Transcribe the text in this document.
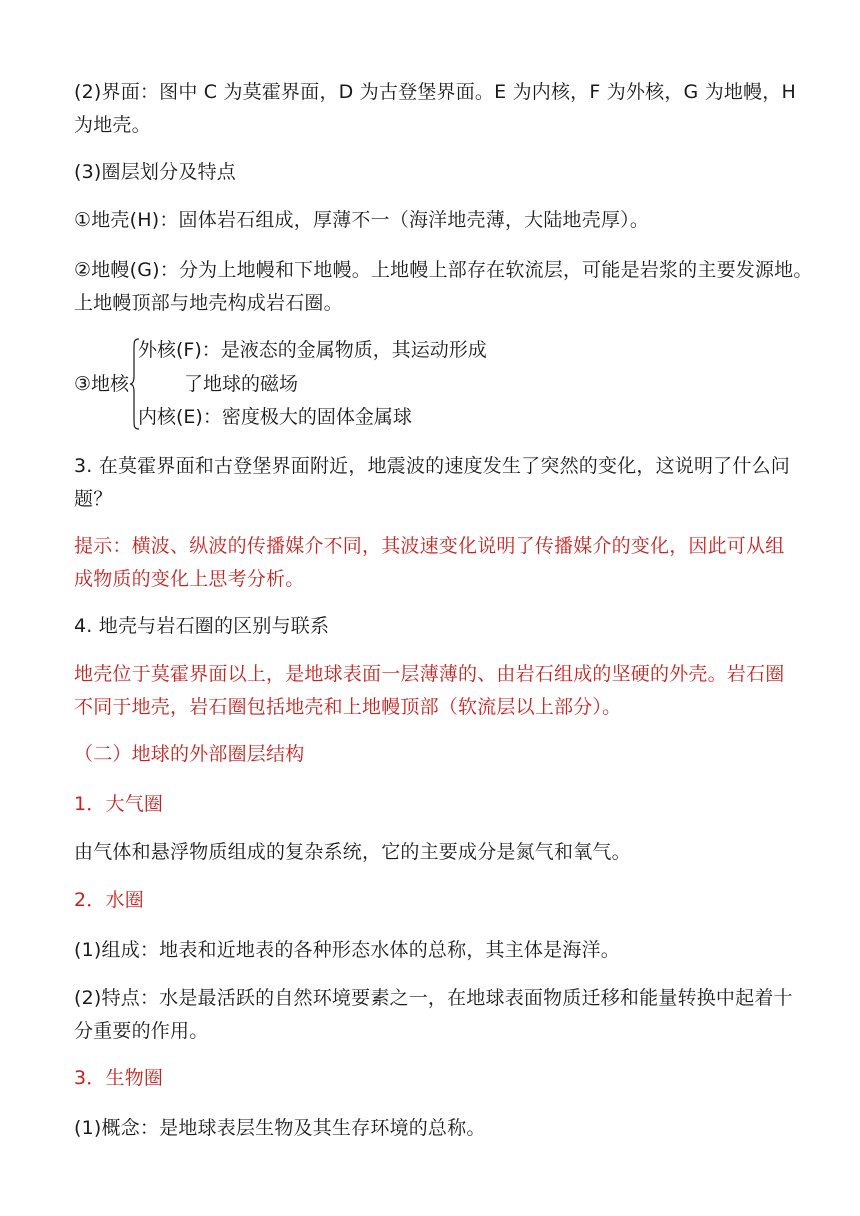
(2)界面：图中 C 为莫霍界面，D 为古登堡界面。E 为内核，F 为外核，G 为地幔，H
为地壳。

(3)圈层划分及特点

①地壳(H)：固体岩石组成，厚薄不一（海洋地壳薄，大陆地壳厚）。

②地幔(G)：分为上地幔和下地幔。上地幔上部存在软流层，可能是岩浆的主要发源地。
上地幔顶部与地壳构成岩石圈。

③地核
外核(F)：是液态的金属物质，其运动形成
了地球的磁场
内核(E)：密度极大的固体金属球

3. 在莫霍界面和古登堡界面附近，地震波的速度发生了突然的变化，这说明了什么问
题？

提示：横波、纵波的传播媒介不同，其波速变化说明了传播媒介的变化，因此可从组
成物质的变化上思考分析。

4. 地壳与岩石圈的区别与联系

地壳位于莫霍界面以上，是地球表面一层薄薄的、由岩石组成的坚硬的外壳。岩石圈
不同于地壳，岩石圈包括地壳和上地幔顶部（软流层以上部分）。

（二）地球的外部圈层结构

1．大气圈

由气体和悬浮物质组成的复杂系统，它的主要成分是氮气和氧气。

2．水圈

(1)组成：地表和近地表的各种形态水体的总称，其主体是海洋。

(2)特点：水是最活跃的自然环境要素之一，在地球表面物质迁移和能量转换中起着十
分重要的作用。

3．生物圈

(1)概念：是地球表层生物及其生存环境的总称。
